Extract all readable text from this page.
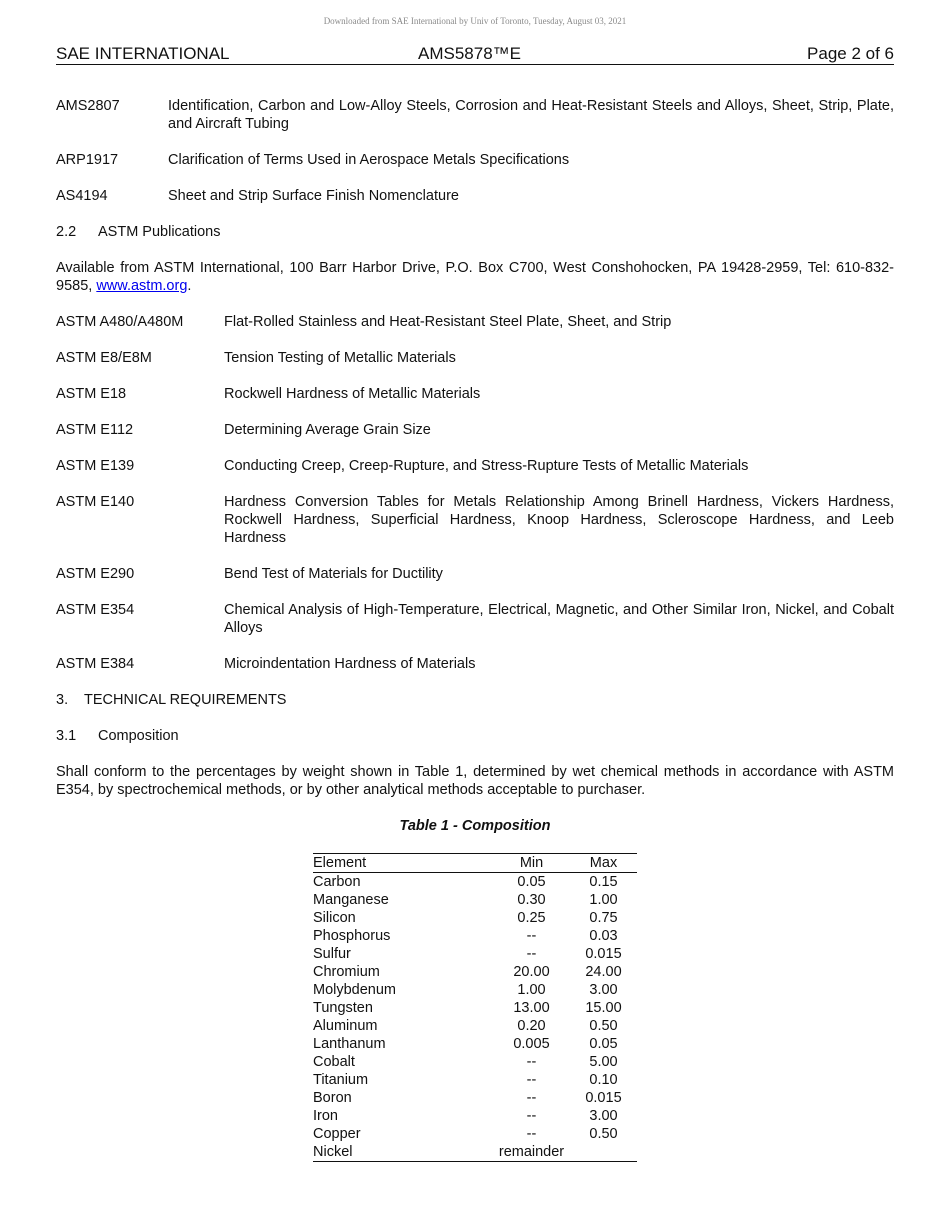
Downloaded from SAE International by Univ of Toronto, Tuesday, August 03, 2021
SAE INTERNATIONAL	AMS5878™E	Page 2 of 6
AMS2807	Identification, Carbon and Low-Alloy Steels, Corrosion and Heat-Resistant Steels and Alloys, Sheet, Strip, Plate, and Aircraft Tubing
ARP1917	Clarification of Terms Used in Aerospace Metals Specifications
AS4194	Sheet and Strip Surface Finish Nomenclature
2.2 ASTM Publications
Available from ASTM International, 100 Barr Harbor Drive, P.O. Box C700, West Conshohocken, PA 19428-2959, Tel: 610-832-9585, www.astm.org.
ASTM A480/A480M	Flat-Rolled Stainless and Heat-Resistant Steel Plate, Sheet, and Strip
ASTM E8/E8M	Tension Testing of Metallic Materials
ASTM E18	Rockwell Hardness of Metallic Materials
ASTM E112	Determining Average Grain Size
ASTM E139	Conducting Creep, Creep-Rupture, and Stress-Rupture Tests of Metallic Materials
ASTM E140	Hardness Conversion Tables for Metals Relationship Among Brinell Hardness, Vickers Hardness, Rockwell Hardness, Superficial Hardness, Knoop Hardness, Scleroscope Hardness, and Leeb Hardness
ASTM E290	Bend Test of Materials for Ductility
ASTM E354	Chemical Analysis of High-Temperature, Electrical, Magnetic, and Other Similar Iron, Nickel, and Cobalt Alloys
ASTM E384	Microindentation Hardness of Materials
3. TECHNICAL REQUIREMENTS
3.1 Composition
Shall conform to the percentages by weight shown in Table 1, determined by wet chemical methods in accordance with ASTM E354, by spectrochemical methods, or by other analytical methods acceptable to purchaser.
Table 1 - Composition
Element	Min	Max
Carbon	0.05	0.15
Manganese	0.30	1.00
Silicon	0.25	0.75
Phosphorus	--	0.03
Sulfur	--	0.015
Chromium	20.00	24.00
Molybdenum	1.00	3.00
Tungsten	13.00	15.00
Aluminum	0.20	0.50
Lanthanum	0.005	0.05
Cobalt	--	5.00
Titanium	--	0.10
Boron	--	0.015
Iron	--	3.00
Copper	--	0.50
Nickel	remainder	
